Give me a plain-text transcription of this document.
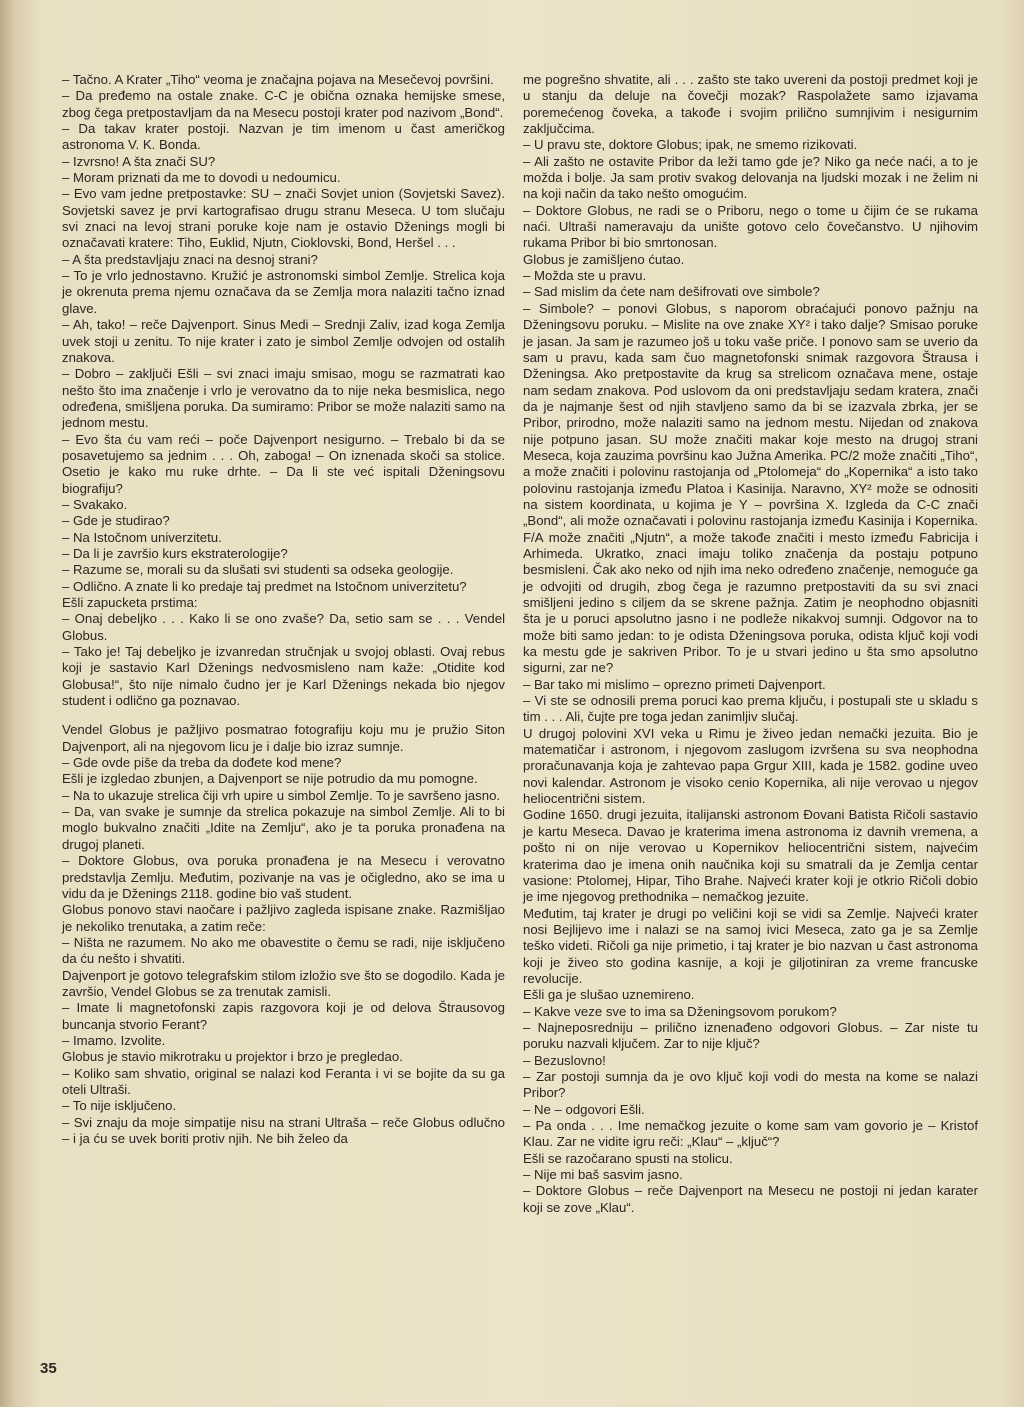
– Tačno. A Krater „Tiho“ veoma je značajna pojava na Mesečevoj površini.

– Da pređemo na ostale znake. C-C je obična oznaka hemijske smese, zbog čega pretpostavljam da na Mesecu postoji krater pod nazivom „Bond“.

– Da takav krater postoji. Nazvan je tim imenom u čast američkog astronoma V. K. Bonda.

– Izvrsno! A šta znači SU?

– Moram priznati da me to dovodi u nedoumicu.

– Evo vam jedne pretpostavke: SU – znači Sovjet union (Sovjetski Savez). Sovjetski savez je prvi kartografisao drugu stranu Meseca. U tom slučaju svi znaci na levoj strani poruke koje nam je ostavio Dženings mogli bi označavati kratere: Tiho, Euklid, Njutn, Cioklovski, Bond, Heršel . . .

– A šta predstavljaju znaci na desnoj strani?

– To je vrlo jednostavno. Kružić je astronomski simbol Zemlje. Strelica koja je okrenuta prema njemu označava da se Zemlja mora nalaziti tačno iznad glave.

– Ah, tako! – reče Dajvenport. Sinus Medi – Srednji Zaliv, izad koga Zemlja uvek stoji u zenitu. To nije krater i zato je simbol Zemlje odvojen od ostalih znakova.

– Dobro – zaključi Ešli – svi znaci imaju smisao, mogu se razmatrati kao nešto što ima značenje i vrlo je verovatno da to nije neka besmislica, nego određena, smišljena poruka. Da sumiramo: Pribor se može nalaziti samo na jednom mestu.

– Evo šta ću vam reći – poče Dajvenport nesigurno. – Trebalo bi da se posavetujemo sa jednim . . . Oh, zaboga! – On iznenada skoči sa stolice. Osetio je kako mu ruke drhte. – Da li ste već ispitali Dženingsovu biografiju?

– Svakako.

– Gde je studirao?

– Na Istočnom univerzitetu.

– Da li je završio kurs ekstraterologije?

– Razume se, morali su da slušati svi studenti sa odseka geologije.

– Odlično. A znate li ko predaje taj predmet na Istočnom univerzitetu?

Ešli zapucketa prstima:

– Onaj debeljko . . . Kako li se ono zvaše? Da, setio sam se . . . Vendel Globus.

– Tako je! Taj debeljko je izvanredan stručnjak u svojoj oblasti. Ovaj rebus koji je sastavio Karl Dženings nedvosmisleno nam kaže: „Otidite kod Globusa!“, što nije nimalo čudno jer je Karl Dženings nekada bio njegov student i odlično ga poznavao.

Vendel Globus je pažljivo posmatrao fotografiju koju mu je pružio Siton Dajvenport, ali na njegovom licu je i dalje bio izraz sumnje.

– Gde ovde piše da treba da dođete kod mene?

Ešli je izgledao zbunjen, a Dajvenport se nije potrudio da mu pomogne.

– Na to ukazuje strelica čiji vrh upire u simbol Zemlje. To je savršeno jasno.

– Da, van svake je sumnje da strelica pokazuje na simbol Zemlje. Ali to bi moglo bukvalno značiti „Idite na Zemlju“, ako je ta poruka pronađena na drugoj planeti.

– Doktore Globus, ova poruka pronađena je na Mesecu i verovatno predstavlja Zemlju. Međutim, pozivanje na vas je očigledno, ako se ima u vidu da je Dženings 2118. godine bio vaš student.

Globus ponovo stavi naočare i pažljivo zagleda ispisane znake. Razmišljao je nekoliko trenutaka, a zatim reče:

– Ništa ne razumem. No ako me obavestite o čemu se radi, nije isključeno da ću nešto i shvatiti.

Dajvenport je gotovo telegrafskim stilom izložio sve što se dogodilo. Kada je završio, Vendel Globus se za trenutak zamisli.

– Imate li magnetofonski zapis razgovora koji je od delova Štrausovog buncanja stvorio Ferant?

– Imamo. Izvolite.

Globus je stavio mikrotraku u projektor i brzo je pregledao.

– Koliko sam shvatio, original se nalazi kod Feranta i vi se bojite da su ga oteli Ultraši.

– To nije isključeno.

– Svi znaju da moje simpatije nisu na strani Ultraša – reče Globus odlučno – i ja ću se uvek boriti protiv njih. Ne bih želeo da

me pogrešno shvatite, ali . . . zašto ste tako uvereni da postoji predmet koji je u stanju da deluje na čovečji mozak? Raspolažete samo izjavama poremećenog čoveka, a takođe i svojim prilično sumnjivim i nesigurnim zaključcima.

– U pravu ste, doktore Globus; ipak, ne smemo rizikovati.

– Ali zašto ne ostavite Pribor da leži tamo gde je? Niko ga neće naći, a to je možda i bolje. Ja sam protiv svakog delovanja na ljudski mozak i ne želim ni na koji način da tako nešto omogućim.

– Doktore Globus, ne radi se o Priboru, nego o tome u čijim će se rukama naći. Ultraši nameravaju da unište gotovo celo čovečanstvo. U njihovim rukama Pribor bi bio smrtonosan.

Globus je zamišljeno ćutao.

– Možda ste u pravu.

– Sad mislim da ćete nam dešifrovati ove simbole?

– Simbole? – ponovi Globus, s naporom obraćajući ponovo pažnju na Dženingsovu poruku. – Mislite na ove znake XY² i tako dalje? Smisao poruke je jasan. Ja sam je razumeo još u toku vaše priče. I ponovo sam se uverio da sam u pravu, kada sam čuo magnetofonski snimak razgovora Štrausa i Dženingsa. Ako pretpostavite da krug sa strelicom označava mene, ostaje nam sedam znakova. Pod uslovom da oni predstavljaju sedam kratera, znači da je najmanje šest od njih stavljeno samo da bi se izazvala zbrka, jer se Pribor, prirodno, može nalaziti samo na jednom mestu. Nijedan od znakova nije potpuno jasan. SU može značiti makar koje mesto na drugoj strani Meseca, koja zauzima površinu kao Južna Amerika. PC/2 može značiti „Tiho“, a može značiti i polovinu rastojanja od „Ptolomeja“ do „Kopernika“ a isto tako polovinu rastojanja između Platoa i Kasinija. Naravno, XY² može se odnositi na sistem koordinata, u kojima je Y – površina X. Izgleda da C-C znači „Bond“, ali može označavati i polovinu rastojanja između Kasinija i Kopernika. F/A može značiti „Njutn“, a može takođe značiti i mesto između Fabricija i Arhimeda. Ukratko, znaci imaju toliko značenja da postaju potpuno besmisleni. Čak ako neko od njih ima neko određeno značenje, nemoguće ga je odvojiti od drugih, zbog čega je razumno pretpostaviti da su svi znaci smišljeni jedino s ciljem da se skrene pažnja. Zatim je neophodno objasniti šta je u poruci apsolutno jasno i ne podleže nikakvoj sumnji. Odgovor na to može biti samo jedan: to je odista Dženingsova poruka, odista ključ koji vodi ka mestu gde je sakriven Pribor. To je u stvari jedino u šta smo apsolutno sigurni, zar ne?

– Bar tako mi mislimo – oprezno primeti Dajvenport.

– Vi ste se odnosili prema poruci kao prema ključu, i postupali ste u skladu s tim . . . Ali, čujte pre toga jedan zanimljiv slučaj.

U drugoj polovini XVI veka u Rimu je živeo jedan nemački jezuita. Bio je matematičar i astronom, i njegovom zaslugom izvršena su sva neophodna proračunavanja koja je zahtevao papa Grgur XIII, kada je 1582. godine uveo novi kalendar. Astronom je visoko cenio Kopernika, ali nije verovao u njegov heliocentrični sistem.

Godine 1650. drugi jezuita, italijanski astronom Đovani Batista Ričoli sastavio je kartu Meseca. Davao je kraterima imena astronoma iz davnih vremena, a pošto ni on nije verovao u Kopernikov heliocentrični sistem, najvećim kraterima dao je imena onih naučnika koji su smatrali da je Zemlja centar vasione: Ptolomej, Hipar, Tiho Brahe. Najveći krater koji je otkrio Ričoli dobio je ime njegovog prethodnika – nemačkog jezuite.

Međutim, taj krater je drugi po veličini koji se vidi sa Zemlje. Najveći krater nosi Bejlijevo ime i nalazi se na samoj ivici Meseca, zato ga je sa Zemlje teško videti. Ričoli ga nije primetio, i taj krater je bio nazvan u čast astronoma koji je živeo sto godina kasnije, a koji je giljotiniran za vreme francuske revolucije.

Ešli ga je slušao uznemireno.

– Kakve veze sve to ima sa Dženingsovom porukom?

– Najneposredniju – prilično iznenađeno odgovori Globus. – Zar niste tu poruku nazvali ključem. Zar to nije ključ?

– Bezuslovno!

– Zar postoji sumnja da je ovo ključ koji vodi do mesta na kome se nalazi Pribor?

– Ne – odgovori Ešli.

– Pa onda . . . Ime nemačkog jezuite o kome sam vam govorio je – Kristof Klau. Zar ne vidite igru reči: „Klau“ – „ključ“?

Ešli se razočarano spusti na stolicu.

– Nije mi baš sasvim jasno.

– Doktore Globus – reče Dajvenport na Mesecu ne postoji ni jedan karater koji se zove „Klau“.

35
